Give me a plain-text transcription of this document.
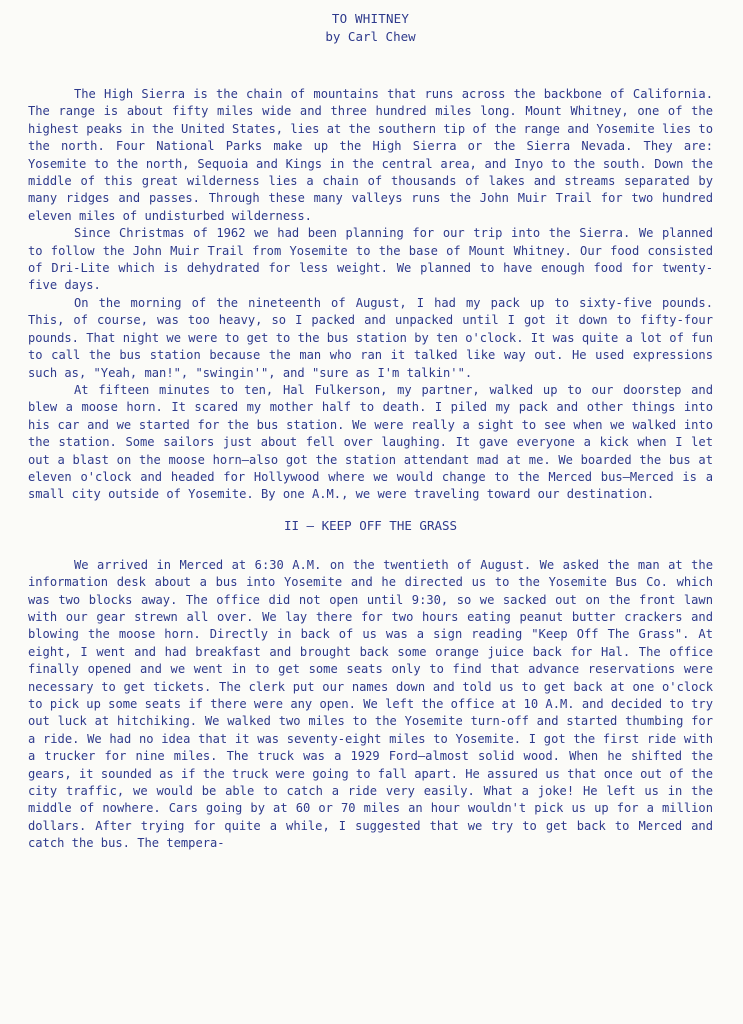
TO WHITNEY
by Carl Chew

The High Sierra is the chain of mountains that runs across the backbone of California. The range is about fifty miles wide and three hundred miles long. Mount Whitney, one of the highest peaks in the United States, lies at the southern tip of the range and Yosemite lies to the north. Four National Parks make up the High Sierra or the Sierra Nevada. They are: Yosemite to the north, Sequoia and Kings in the central area, and Inyo to the south. Down the middle of this great wilderness lies a chain of thousands of lakes and streams separated by many ridges and passes. Through these many valleys runs the John Muir Trail for two hundred eleven miles of undisturbed wilderness.

Since Christmas of 1962 we had been planning for our trip into the Sierra. We planned to follow the John Muir Trail from Yosemite to the base of Mount Whitney. Our food consisted of Dri-Lite which is dehydrated for less weight. We planned to have enough food for twenty-five days.

On the morning of the nineteenth of August, I had my pack up to sixty-five pounds. This, of course, was too heavy, so I packed and unpacked until I got it down to fifty-four pounds. That night we were to get to the bus station by ten o'clock. It was quite a lot of fun to call the bus station because the man who ran it talked like way out. He used expressions such as, "Yeah, man!", "swingin'", and "sure as I'm talkin'".

At fifteen minutes to ten, Hal Fulkerson, my partner, walked up to our doorstep and blew a moose horn. It scared my mother half to death. I piled my pack and other things into his car and we started for the bus station. We were really a sight to see when we walked into the station. Some sailors just about fell over laughing. It gave everyone a kick when I let out a blast on the moose horn—also got the station attendant mad at me. We boarded the bus at eleven o'clock and headed for Hollywood where we would change to the Merced bus—Merced is a small city outside of Yosemite. By one A.M., we were traveling toward our destination.

II — KEEP OFF THE GRASS

We arrived in Merced at 6:30 A.M. on the twentieth of August. We asked the man at the information desk about a bus into Yosemite and he directed us to the Yosemite Bus Co. which was two blocks away. The office did not open until 9:30, so we sacked out on the front lawn with our gear strewn all over. We lay there for two hours eating peanut butter crackers and blowing the moose horn. Directly in back of us was a sign reading "Keep Off The Grass". At eight, I went and had breakfast and brought back some orange juice back for Hal. The office finally opened and we went in to get some seats only to find that advance reservations were necessary to get tickets. The clerk put our names down and told us to get back at one o'clock to pick up some seats if there were any open. We left the office at 10 A.M. and decided to try out luck at hitchiking. We walked two miles to the Yosemite turn-off and started thumbing for a ride. We had no idea that it was seventy-eight miles to Yosemite. I got the first ride with a trucker for nine miles. The truck was a 1929 Ford—almost solid wood. When he shifted the gears, it sounded as if the truck were going to fall apart. He assured us that once out of the city traffic, we would be able to catch a ride very easily. What a joke! He left us in the middle of nowhere. Cars going by at 60 or 70 miles an hour wouldn't pick us up for a million dollars. After trying for quite a while, I suggested that we try to get back to Merced and catch the bus. The tempera-
